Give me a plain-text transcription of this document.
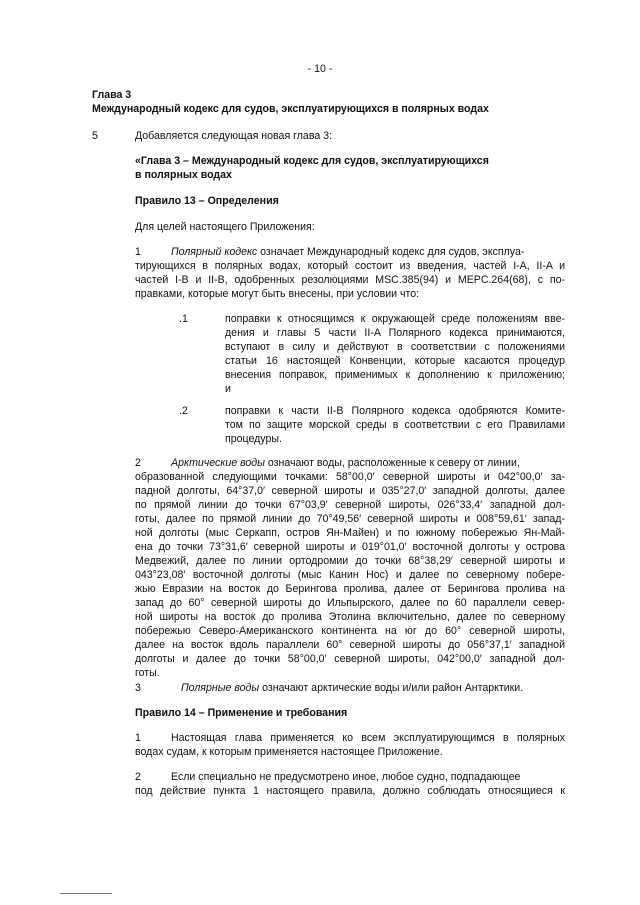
- 10 -
Глава 3
Международный кодекс для судов, эксплуатирующихся в полярных водах
5	Добавляется следующая новая глава 3:
«Глава 3 – Международный кодекс для судов, эксплуатирующихся
в полярных водах
Правило 13 – Определения
Для целей настоящего Приложения:
1	Полярный кодекс означает Международный кодекс для судов, эксплуа-
тирующихся в полярных водах, который состоит из введения, частей I-A, II-A и
частей I-B и II-B, одобренных резолюциями MSC.385(94) и MEPC.264(68), с по-
правками, которые могут быть внесены, при условии что:
.1	поправки к относящимся к окружающей среде положениям вве-
дения и главы 5 части II-A Полярного кодекса принимаются,
вступают в силу и действуют в соответствии с положениями
статьи 16 настоящей Конвенции, которые касаются процедур
внесения поправок, применимых к дополнению к приложению;
и
.2	поправки к части II-B Полярного кодекса одобряются Комите-
том по защите морской среды в соответствии с его Правилами
процедуры.
2	Арктические воды означают воды, расположенные к северу от линии,
образованной следующими точками: 58°00,0′ северной широты и 042°00,0′ за-
падной долготы, 64°37,0′ северной широты и 035°27,0′ западной долготы, далее
по прямой линии до точки 67°03,9′ северной широты, 026°33,4′ западной дол-
готы, далее по прямой линии до 70°49,56′ северной широты и 008°59,61′ запад-
ной долготы (мыс Серкапп, остров Ян-Майен) и по южному побережью Ян-Май-
ена до точки 73°31,6′ северной широты и 019°01,0′ восточной долготы у острова
Медвежий, далее по линии ортодромии до точки 68°38,29′ северной широты и
043°23,08′ восточной долготы (мыс Канин Нос) и далее по северному побере-
жью Евразии на восток до Берингова пролива, далее от Берингова пролива на
запад до 60° северной широты до Ильпырского, далее по 60 параллели север-
ной широты на восток до пролива Этолина включительно, далее по северному
побережью Северо-Американского континента на юг до 60° северной широты,
далее на восток вдоль параллели 60° северной широты до 056°37,1′ западной
долготы и далее до точки 58°00,0′ северной широты, 042°00,0′ западной дол-
готы.
3	Полярные воды означают арктические воды и/или район Антарктики.
Правило 14 – Применение и требования
1	Настоящая глава применяется ко всем эксплуатирующимся в полярных
водах судам, к которым применяется настоящее Приложение.
2	Если специально не предусмотрено иное, любое судно, подпадающее
под действие пункта 1 настоящего правила, должно соблюдать относящиеся к
